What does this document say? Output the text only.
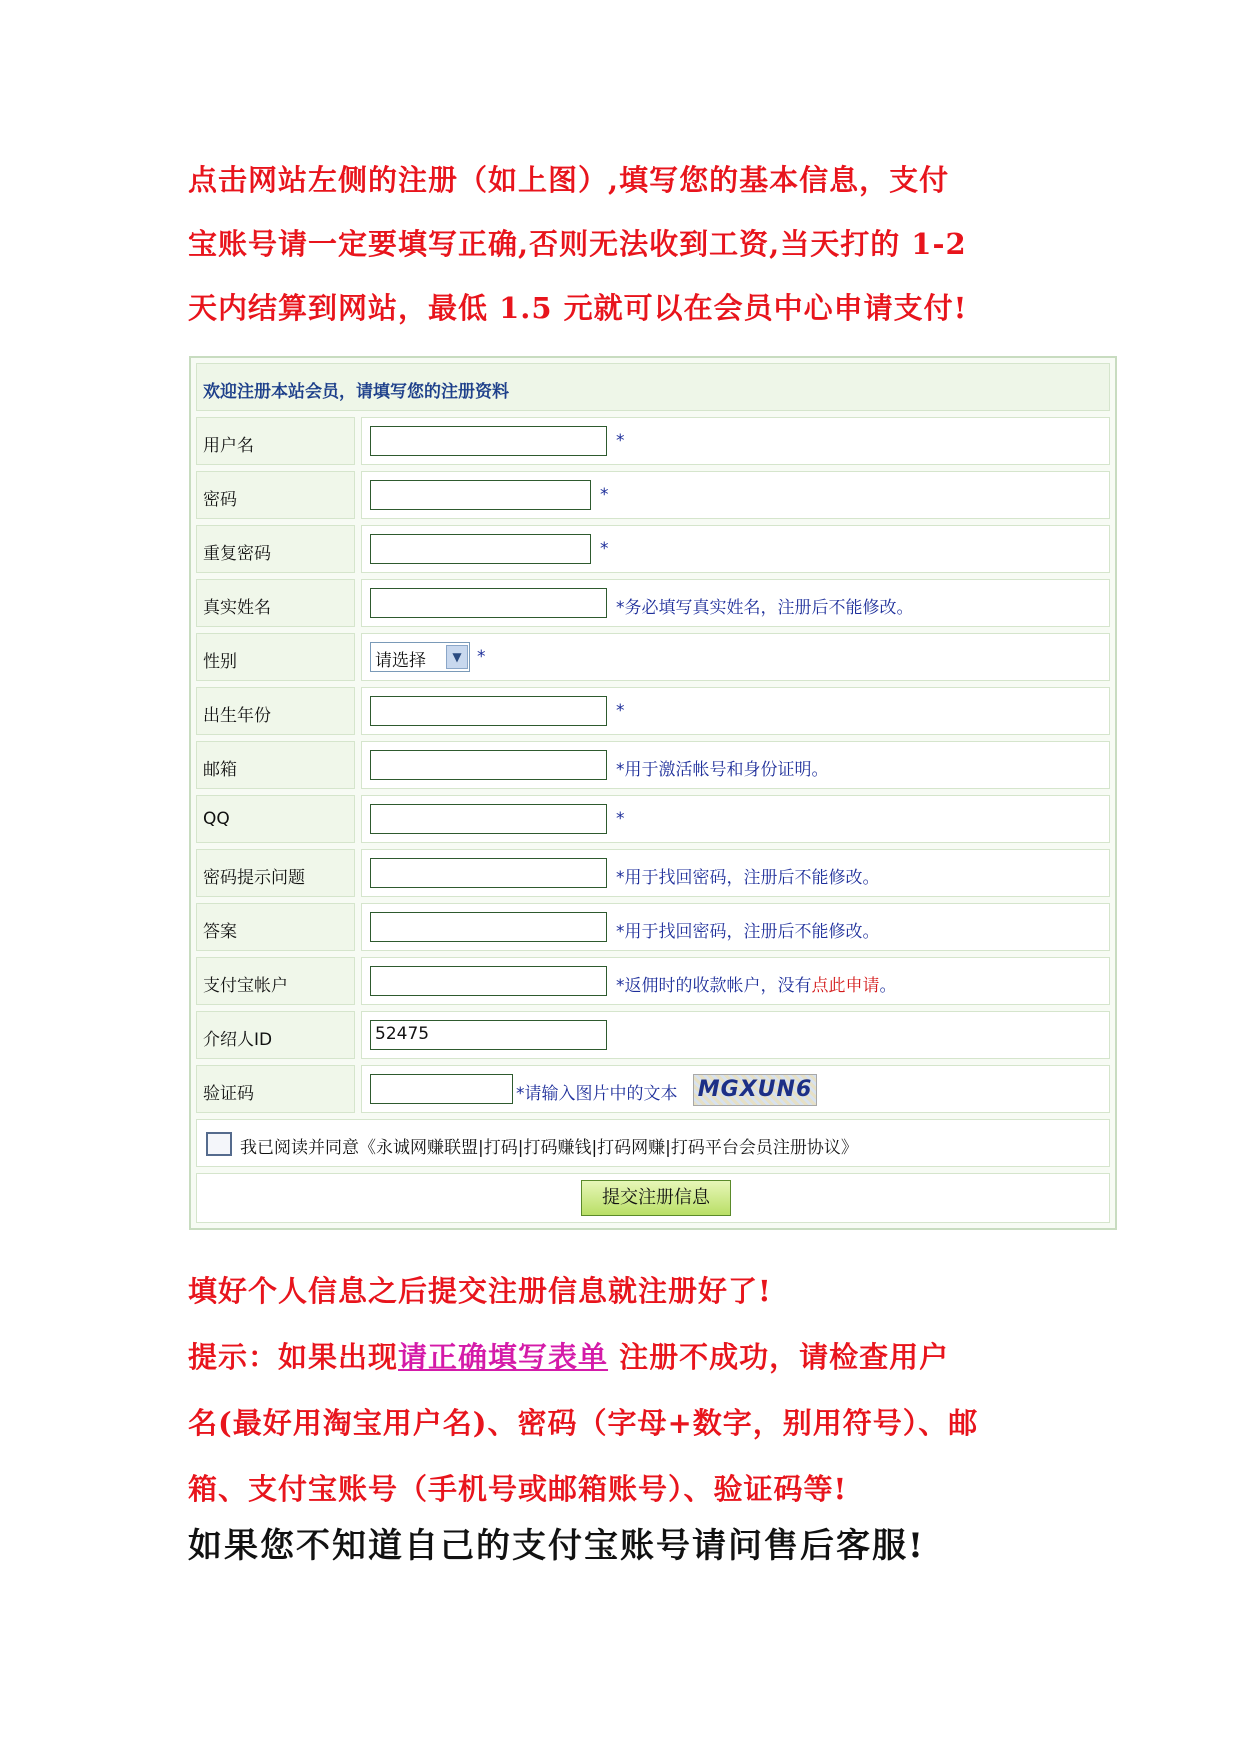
点击网站左侧的注册（如上图）,填写您的基本信息，支付

宝账号请一定要填写正确,否则无法收到工资,当天打的 1-2

天内结算到网站，最低 1.5 元就可以在会员中心申请支付!

欢迎注册本站会员，请填写您的注册资料
用户名	*
密码	*
重复密码	*
真实姓名	*务必填写真实姓名，注册后不能修改。
性别	请选择	▼ *
出生年份	*
邮箱	*用于激活帐号和身份证明。
QQ	*
密码提示问题	*用于找回密码，注册后不能修改。
答案	*用于找回密码，注册后不能修改。
支付宝帐户	*返佣时的收款帐户，没有点此申请。
介绍人ID	52475
验证码	*请输入图片中的文本 MGXUN6
我已阅读并同意《永诚网赚联盟|打码|打码赚钱|打码网赚|打码平台会员注册协议》
提交注册信息

填好个人信息之后提交注册信息就注册好了!

提示：如果出现请正确填写表单 注册不成功，请检查用户

名(最好用淘宝用户名)、密码（字母+数字，别用符号）、邮

箱、支付宝账号（手机号或邮箱账号）、验证码等!

如果您不知道自己的支付宝账号请问售后客服!
